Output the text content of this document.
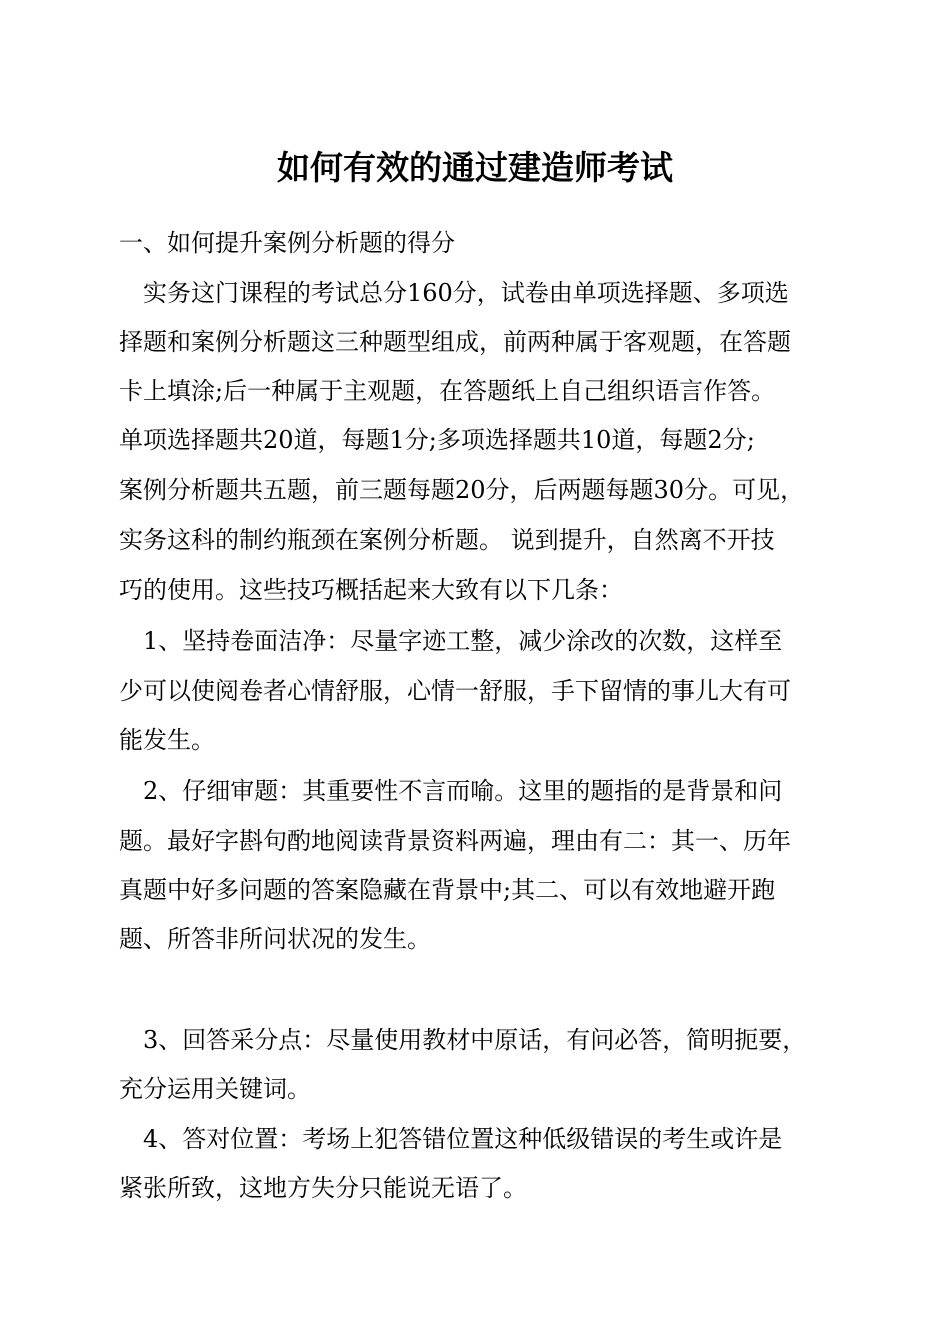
如何有效的通过建造师考试
一、如何提升案例分析题的得分
实务这门课程的考试总分160分，试卷由单项选择题、多项选
择题和案例分析题这三种题型组成，前两种属于客观题，在答题
卡上填涂;后一种属于主观题，在答题纸上自己组织语言作答。
单项选择题共20道，每题1分;多项选择题共10道，每题2分;
案例分析题共五题，前三题每题20分，后两题每题30分。可见，
实务这科的制约瓶颈在案例分析题。 说到提升，自然离不开技
巧的使用。这些技巧概括起来大致有以下几条：
1、坚持卷面洁净：尽量字迹工整，减少涂改的次数，这样至
少可以使阅卷者心情舒服，心情一舒服，手下留情的事儿大有可
能发生。
2、仔细审题：其重要性不言而喻。这里的题指的是背景和问
题。最好字斟句酌地阅读背景资料两遍，理由有二：其一、历年
真题中好多问题的答案隐藏在背景中;其二、可以有效地避开跑
题、所答非所问状况的发生。
3、回答采分点：尽量使用教材中原话，有问必答，简明扼要，
充分运用关键词。
4、答对位置：考场上犯答错位置这种低级错误的考生或许是
紧张所致，这地方失分只能说无语了。
